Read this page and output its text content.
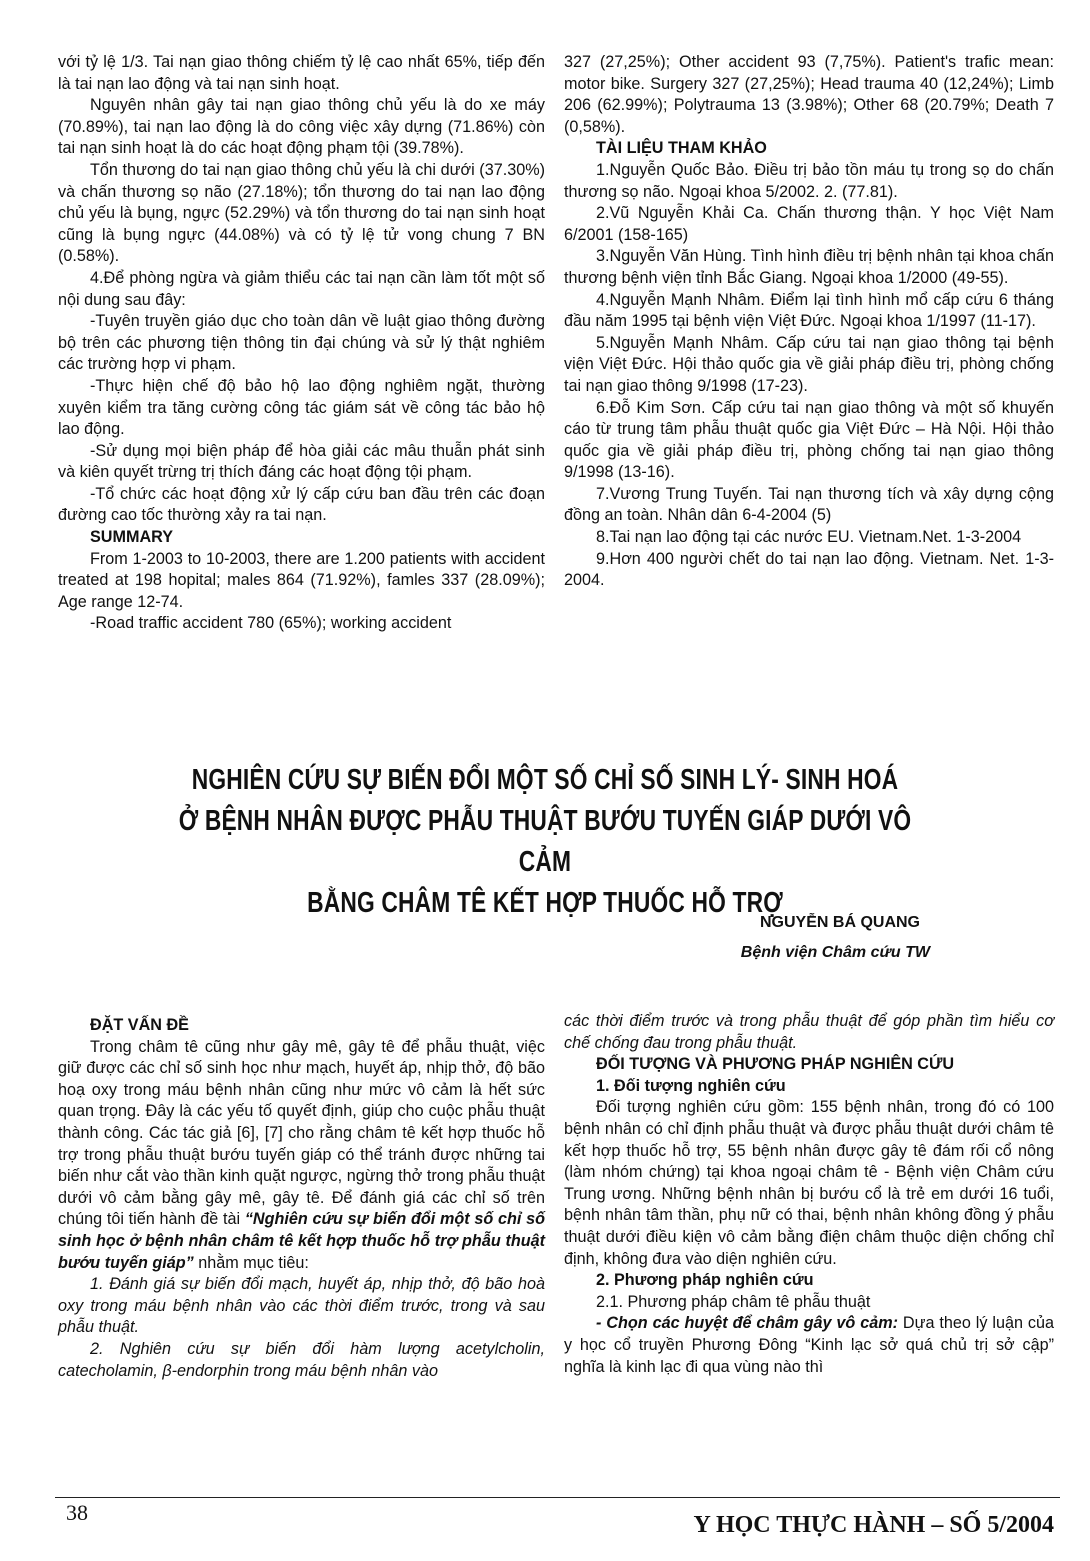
với tỷ lệ 1/3. Tai nạn giao thông chiếm tỷ lệ cao nhất 65%, tiếp đến là tai nạn lao động và tai nạn sinh hoạt.

Nguyên nhân gây tai nạn giao thông chủ yếu là do xe máy (70.89%), tai nạn lao động là do công việc xây dựng (71.86%) còn tai nạn sinh hoạt là do các hoạt động phạm tội (39.78%).

Tổn thương do tai nạn giao thông chủ yếu là chi dưới (37.30%) và chấn thương sọ não (27.18%); tổn thương do tai nạn lao động chủ yếu là bụng, ngực (52.29%) và tổn thương do tai nạn sinh hoạt cũng là bụng ngực (44.08%) và có tỷ lệ tử vong chung 7 BN (0.58%).

4.Để phòng ngừa và giảm thiểu các tai nạn cần làm tốt một số nội dung sau đây:

-Tuyên truyền giáo dục cho toàn dân về luật giao thông đường bộ trên các phương tiện thông tin đại chúng và sử lý thật nghiêm các trường hợp vi phạm.

-Thực hiện chế độ bảo hộ lao động nghiêm ngặt, thường xuyên kiểm tra tăng cường công tác giám sát về công tác bảo hộ lao động.

-Sử dụng mọi biện pháp để hòa giải các mâu thuẫn phát sinh và kiên quyết trừng trị thích đáng các hoạt động tội phạm.

-Tổ chức các hoạt động xử lý cấp cứu ban đầu trên các đoạn đường cao tốc thường xảy ra tai nạn.

SUMMARY

From 1-2003 to 10-2003, there are 1.200 patients with accident treated at 198 hopital; males 864 (71.92%), famles 337 (28.09%); Age range 12-74.

-Road traffic accident 780 (65%); working accident

327 (27,25%); Other accident 93 (7,75%). Patient's trafic mean: motor bike. Surgery 327 (27,25%); Head trauma 40 (12,24%); Limb 206 (62.99%); Polytrauma 13 (3.98%); Other 68 (20.79%; Death 7 (0,58%).

TÀI LIỆU THAM KHẢO

1.Nguyễn Quốc Bảo. Điều trị bảo tồn máu tụ trong sọ do chấn thương sọ não. Ngoại khoa 5/2002. 2. (77.81).

2.Vũ Nguyễn Khải Ca. Chấn thương thận. Y học Việt Nam 6/2001 (158-165)

3.Nguyễn Văn Hùng. Tình hình điều trị bệnh nhân tại khoa chấn thương bệnh viện tỉnh Bắc Giang. Ngoại khoa 1/2000 (49-55).

4.Nguyễn Mạnh Nhâm. Điểm lại tình hình mổ cấp cứu 6 tháng đầu năm 1995 tại bệnh viện Việt Đức. Ngoại khoa 1/1997 (11-17).

5.Nguyễn Mạnh Nhâm. Cấp cứu tai nạn giao thông tại bệnh viện Việt Đức. Hội thảo quốc gia về giải pháp điều trị, phòng chống tai nạn giao thông 9/1998 (17-23).

6.Đỗ Kim Sơn. Cấp cứu tai nạn giao thông và một số khuyến cáo từ trung tâm phẫu thuật quốc gia Việt Đức – Hà Nội. Hội thảo quốc gia về giải pháp điều trị, phòng chống tai nạn giao thông 9/1998 (13-16).

7.Vương Trung Tuyến. Tai nạn thương tích và xây dựng cộng đồng an toàn. Nhân dân 6-4-2004 (5)

8.Tai nạn lao động tại các nước EU. Vietnam.Net. 1-3-2004

9.Hơn 400 người chết do tai nạn lao động. Vietnam. Net. 1-3-2004.

NGHIÊN CỨU SỰ BIẾN ĐỔI MỘT SỐ CHỈ SỐ SINH LÝ- SINH HOÁ
Ở BỆNH NHÂN ĐƯỢC PHẪU THUẬT BƯỚU TUYẾN GIÁP DƯỚI VÔ CẢM
BẰNG CHÂM TÊ KẾT HỢP THUỐC HỖ TRỢ
NGUYỄN BÁ QUANG
Bệnh viện Châm cứu TW

ĐẶT VẤN ĐỀ

Trong châm tê cũng như gây mê, gây tê để phẫu thuật, việc giữ được các chỉ số sinh học như mạch, huyết áp, nhịp thở, độ bão hoạ oxy trong máu bệnh nhân cũng như mức vô cảm là hết sức quan trọng. Đây là các yếu tố quyết định, giúp cho cuộc phẫu thuật thành công. Các tác giả [6], [7] cho rằng châm tê kết hợp thuốc hỗ trợ trong phẫu thuật bướu tuyến giáp có thể tránh được những tai biến như cắt vào thần kinh quặt ngược, ngừng thở trong phẫu thuật dưới vô cảm bằng gây mê, gây tê. Để đánh giá các chỉ số trên chúng tôi tiến hành đề tài “Nghiên cứu sự biến đổi một số chỉ số sinh học ở bệnh nhân châm tê kết hợp thuốc hỗ trợ phẫu thuật bướu tuyến giáp” nhằm mục tiêu:

1. Đánh giá sự biến đổi mạch, huyết áp, nhịp thở, độ bão hoà oxy trong máu bệnh nhân vào các thời điểm trước, trong và sau phẫu thuật.

2. Nghiên cứu sự biến đổi hàm lượng acetylcholin, catecholamin, β-endorphin trong máu bệnh nhân vào

các thời điểm trước và trong phẫu thuật để góp phần tìm hiểu cơ chế chống đau trong phẫu thuật.

ĐỐI TƯỢNG VÀ PHƯƠNG PHÁP NGHIÊN CỨU

1. Đối tượng nghiên cứu

Đối tượng nghiên cứu gồm: 155 bệnh nhân, trong đó có 100 bệnh nhân có chỉ định phẫu thuật và được phẫu thuật dưới châm tê kết hợp thuốc hỗ trợ, 55 bệnh nhân được gây tê đám rối cổ nông (làm nhóm chứng) tại khoa ngoại châm tê - Bệnh viện Châm cứu Trung ương. Những bệnh nhân bị bướu cổ là trẻ em dưới 16 tuổi, bệnh nhân tâm thần, phụ nữ có thai, bệnh nhân không đồng ý phẫu thuật dưới điều kiện vô cảm bằng điện châm thuộc diện chống chỉ định, không đưa vào diện nghiên cứu.

2. Phương pháp nghiên cứu

2.1. Phương pháp châm tê phẫu thuật

- Chọn các huyệt để châm gây vô cảm: Dựa theo lý luận của y học cổ truyền Phương Đông “Kinh lạc sở quá chủ trị sở cập” nghĩa là kinh lạc đi qua vùng nào thì

38	Y HỌC THỰC HÀNH – SỐ 5/2004
